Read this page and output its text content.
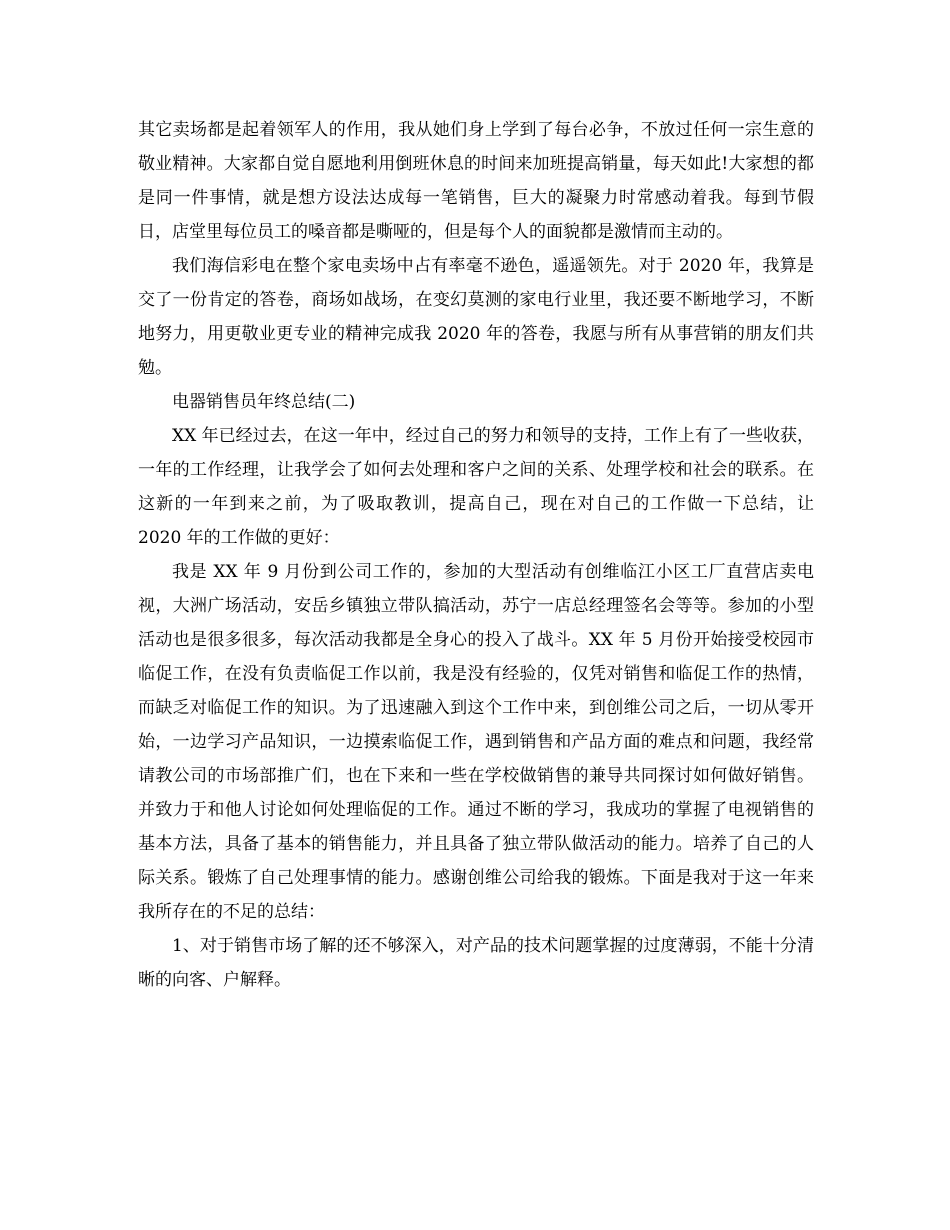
其它卖场都是起着领军人的作用，我从她们身上学到了每台必争，不放过任何一宗生意的敬业精神。大家都自觉自愿地利用倒班休息的时间来加班提高销量，每天如此!大家想的都是同一件事情，就是想方设法达成每一笔销售，巨大的凝聚力时常感动着我。每到节假日，店堂里每位员工的嗓音都是嘶哑的，但是每个人的面貌都是激情而主动的。

我们海信彩电在整个家电卖场中占有率毫不逊色，遥遥领先。对于 2020 年，我算是交了一份肯定的答卷，商场如战场，在变幻莫测的家电行业里，我还要不断地学习，不断地努力，用更敬业更专业的精神完成我 2020 年的答卷，我愿与所有从事营销的朋友们共勉。

电器销售员年终总结(二)

XX 年已经过去，在这一年中，经过自己的努力和领导的支持，工作上有了一些收获，一年的工作经理，让我学会了如何去处理和客户之间的关系、处理学校和社会的联系。在这新的一年到来之前，为了吸取教训，提高自己，现在对自己的工作做一下总结，让 2020 年的工作做的更好：

我是 XX 年 9 月份到公司工作的，参加的大型活动有创维临江小区工厂直营店卖电视，大洲广场活动，安岳乡镇独立带队搞活动，苏宁一店总经理签名会等等。参加的小型活动也是很多很多，每次活动我都是全身心的投入了战斗。XX 年 5 月份开始接受校园市临促工作，在没有负责临促工作以前，我是没有经验的，仅凭对销售和临促工作的热情，而缺乏对临促工作的知识。为了迅速融入到这个工作中来，到创维公司之后，一切从零开始，一边学习产品知识，一边摸索临促工作，遇到销售和产品方面的难点和问题，我经常请教公司的市场部推广们，也在下来和一些在学校做销售的兼导共同探讨如何做好销售。并致力于和他人讨论如何处理临促的工作。通过不断的学习，我成功的掌握了电视销售的基本方法，具备了基本的销售能力，并且具备了独立带队做活动的能力。培养了自己的人际关系。锻炼了自己处理事情的能力。感谢创维公司给我的锻炼。下面是我对于这一年来我所存在的不足的总结：

1、对于销售市场了解的还不够深入，对产品的技术问题掌握的过度薄弱，不能十分清晰的向客、户解释。
